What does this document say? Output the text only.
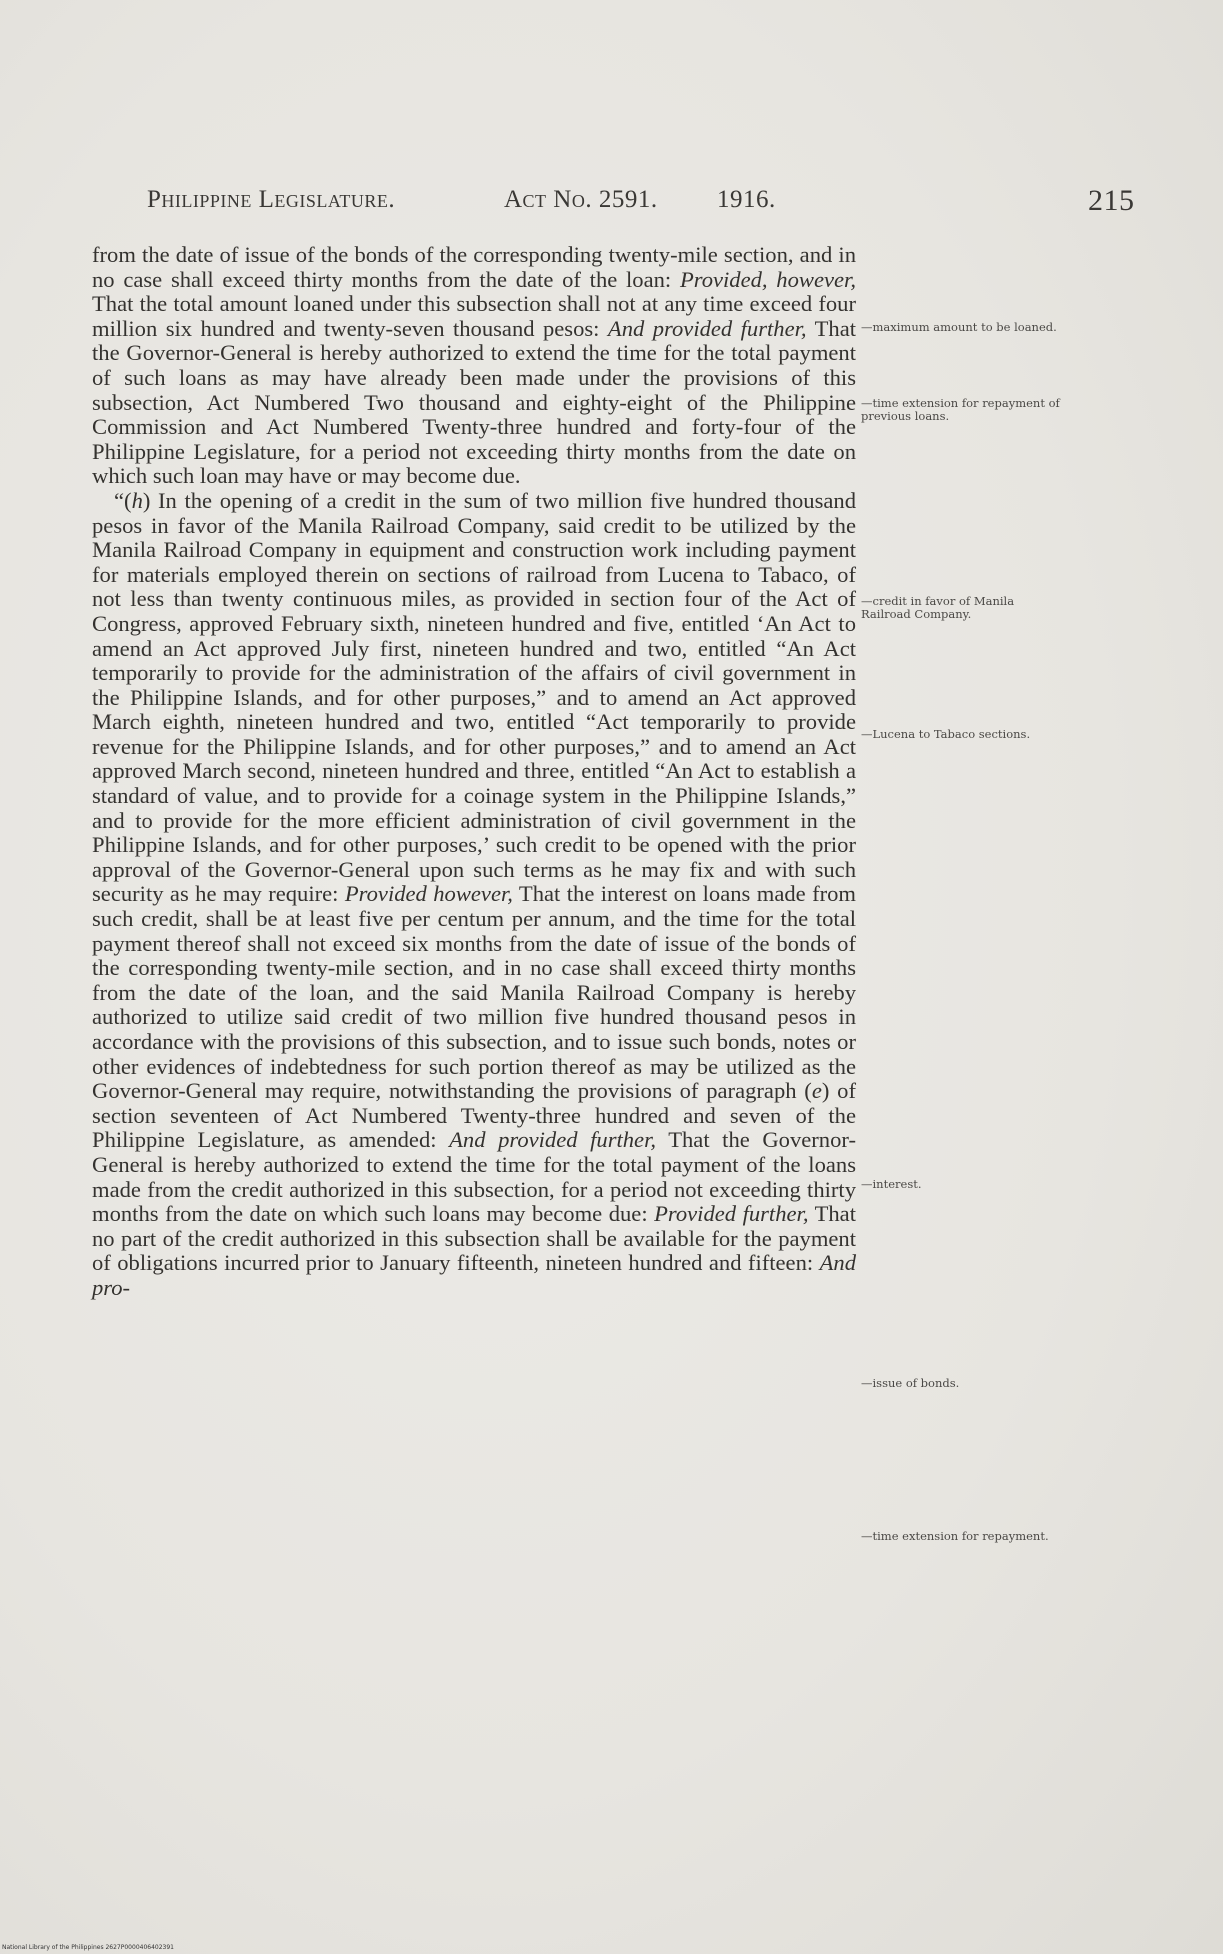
Philippine Legislature.	Act No. 2591. 1916.	215

from the date of issue of the bonds of the corresponding twenty-mile section, and in no case shall exceed thirty months from the date of the loan: Provided, however, That the total amount loaned under this subsection shall not at any time exceed four million six hundred and twenty-seven thousand pesos: And provided further, That the Governor-General is hereby authorized to extend the time for the total payment of such loans as may have already been made under the provisions of this subsection, Act Numbered Two thousand and eighty-eight of the Philippine Commission and Act Numbered Twenty-three hundred and forty-four of the Philippine Legislature, for a period not exceeding thirty months from the date on which such loan may have or may become due.

“(h) In the opening of a credit in the sum of two million five hundred thousand pesos in favor of the Manila Railroad Company, said credit to be utilized by the Manila Railroad Company in equipment and construction work including payment for materials employed therein on sections of railroad from Lucena to Tabaco, of not less than twenty continuous miles, as provided in section four of the Act of Congress, approved February sixth, nineteen hundred and five, entitled ‘An Act to amend an Act approved July first, nineteen hundred and two, entitled “An Act temporarily to provide for the administration of the affairs of civil government in the Philippine Islands, and for other purposes,” and to amend an Act approved March eighth, nineteen hundred and two, entitled “Act temporarily to provide revenue for the Philippine Islands, and for other purposes,” and to amend an Act approved March second, nineteen hundred and three, entitled “An Act to establish a standard of value, and to provide for a coinage system in the Philippine Islands,” and to provide for the more efficient administration of civil government in the Philippine Islands, and for other purposes,’ such credit to be opened with the prior approval of the Governor-General upon such terms as he may fix and with such security as he may require: Provided however, That the interest on loans made from such credit, shall be at least five per centum per annum, and the time for the total payment thereof shall not exceed six months from the date of issue of the bonds of the corresponding twenty-mile section, and in no case shall exceed thirty months from the date of the loan, and the said Manila Railroad Company is hereby authorized to utilize said credit of two million five hundred thousand pesos in accordance with the provisions of this subsection, and to issue such bonds, notes or other evidences of indebtedness for such portion thereof as may be utilized as the Governor-General may require, notwithstanding the provisions of paragraph (e) of section seventeen of Act Numbered Twenty-three hundred and seven of the Philippine Legislature, as amended: And provided further, That the Governor-General is hereby authorized to extend the time for the total payment of the loans made from the credit authorized in this subsection, for a period not exceeding thirty months from the date on which such loans may become due: Provided further, That no part of the credit authorized in this subsection shall be available for the payment of obligations incurred prior to January fifteenth, nineteen hundred and fifteen: And pro-

—maximum amount to be loaned.
—time extension for repayment of previous loans.
—credit in favor of Manila Railroad Company.
—Lucena to Tabaco sections.
—interest.
—issue of bonds.
—time extension for repayment.
National Library of the Philippines 2627P0000406402391
